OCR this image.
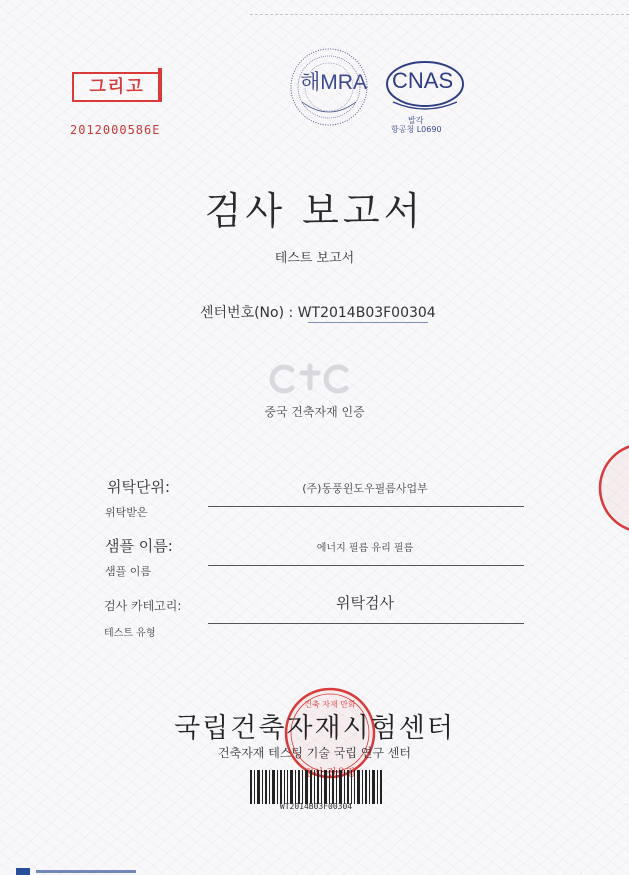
그리고
2012000586E
해MRA CNAS
발각
항공청 L0690
검사 보고서
테스트 보고서
센터번호(No) : WT2014B03F00304
중국 건축자재 인증
위탁단위:
위탁받은
(주)동풍윈도우필름사업부
샘플 이름:
샘플 이름
에너지 필름 유리 필름
검사 카테고리:
테스트 유형
위탁검사
건축 자재 만화
검사
국립건축자재시험센터
건축자재 테스팅 기술 국립 연구 센터
WT2014B03F00304
